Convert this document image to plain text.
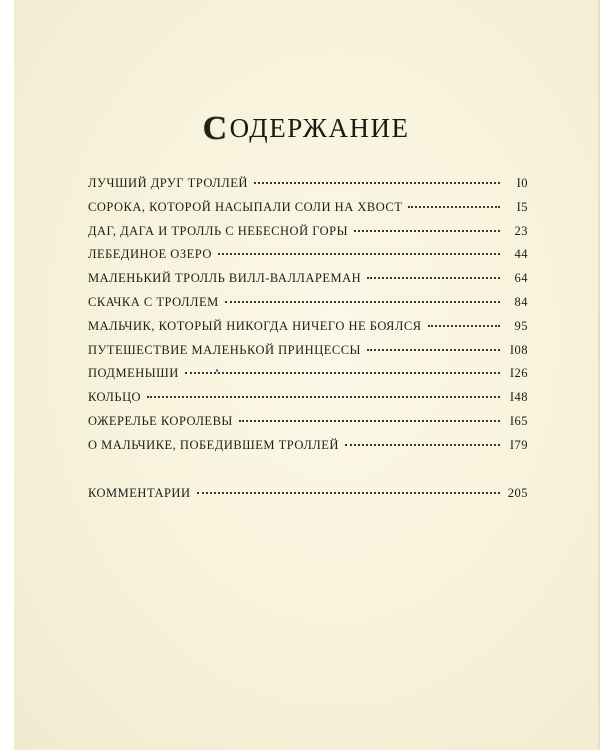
СОДЕРЖАНИЕ
ЛУЧШИЙ ДРУГ ТРОЛЛЕЙ	I0
СОРОКА, КОТОРОЙ НАСЫПАЛИ СОЛИ НА ХВОСТ	I5
ДАГ, ДАГА И ТРОЛЛЬ С НЕБЕСНОЙ ГОРЫ	23
ЛЕБЕДИНОЕ ОЗЕРО	44
МАЛЕНЬКИЙ ТРОЛЛЬ ВИЛЛ-ВАЛЛАРЕМАН	64
СКАЧКА С ТРОЛЛЕМ	84
МАЛЬЧИК, КОТОРЫЙ НИКОГДА НИЧЕГО НЕ БОЯЛСЯ	95
ПУТЕШЕСТВИЕ МАЛЕНЬКОЙ ПРИНЦЕССЫ	I08
ПОДМЕНЫШИ	I26
КОЛЬЦО	I48
ОЖЕРЕЛЬЕ КОРОЛЕВЫ	I65
О МАЛЬЧИКЕ, ПОБЕДИВШЕМ ТРОЛЛЕЙ	I79
КОММЕНТАРИИ	205
